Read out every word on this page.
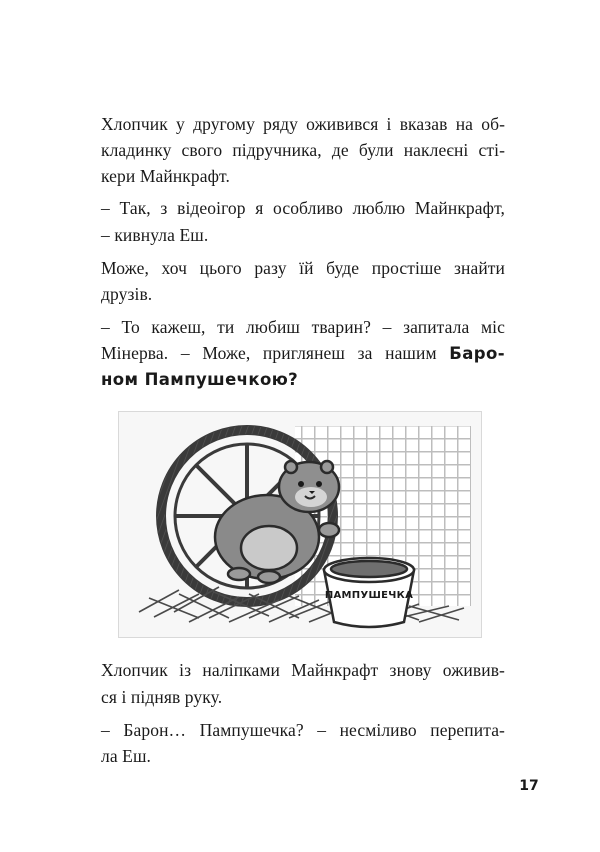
Хлопчик у другому ряду оживився і вказав на об-
кладинку свого підручника, де були наклеєні сті-
кери Майнкрафт.
– Так, з відеоігор я особливо люблю Майнкрафт,
– кивнула Еш.
Може, хоч цього разу їй буде простіше знайти
друзів.
– То кажеш, ти любиш тварин? – запитала міс
Мінерва. – Може, приглянеш за нашим Баро-
ном Пампушечкою?
ПАМПУШЕЧКА
Хлопчик із наліпками Майнкрафт знову оживив-
ся і підняв руку.
– Барон… Пампушечка? – несміливо перепита-
ла Еш.
17
